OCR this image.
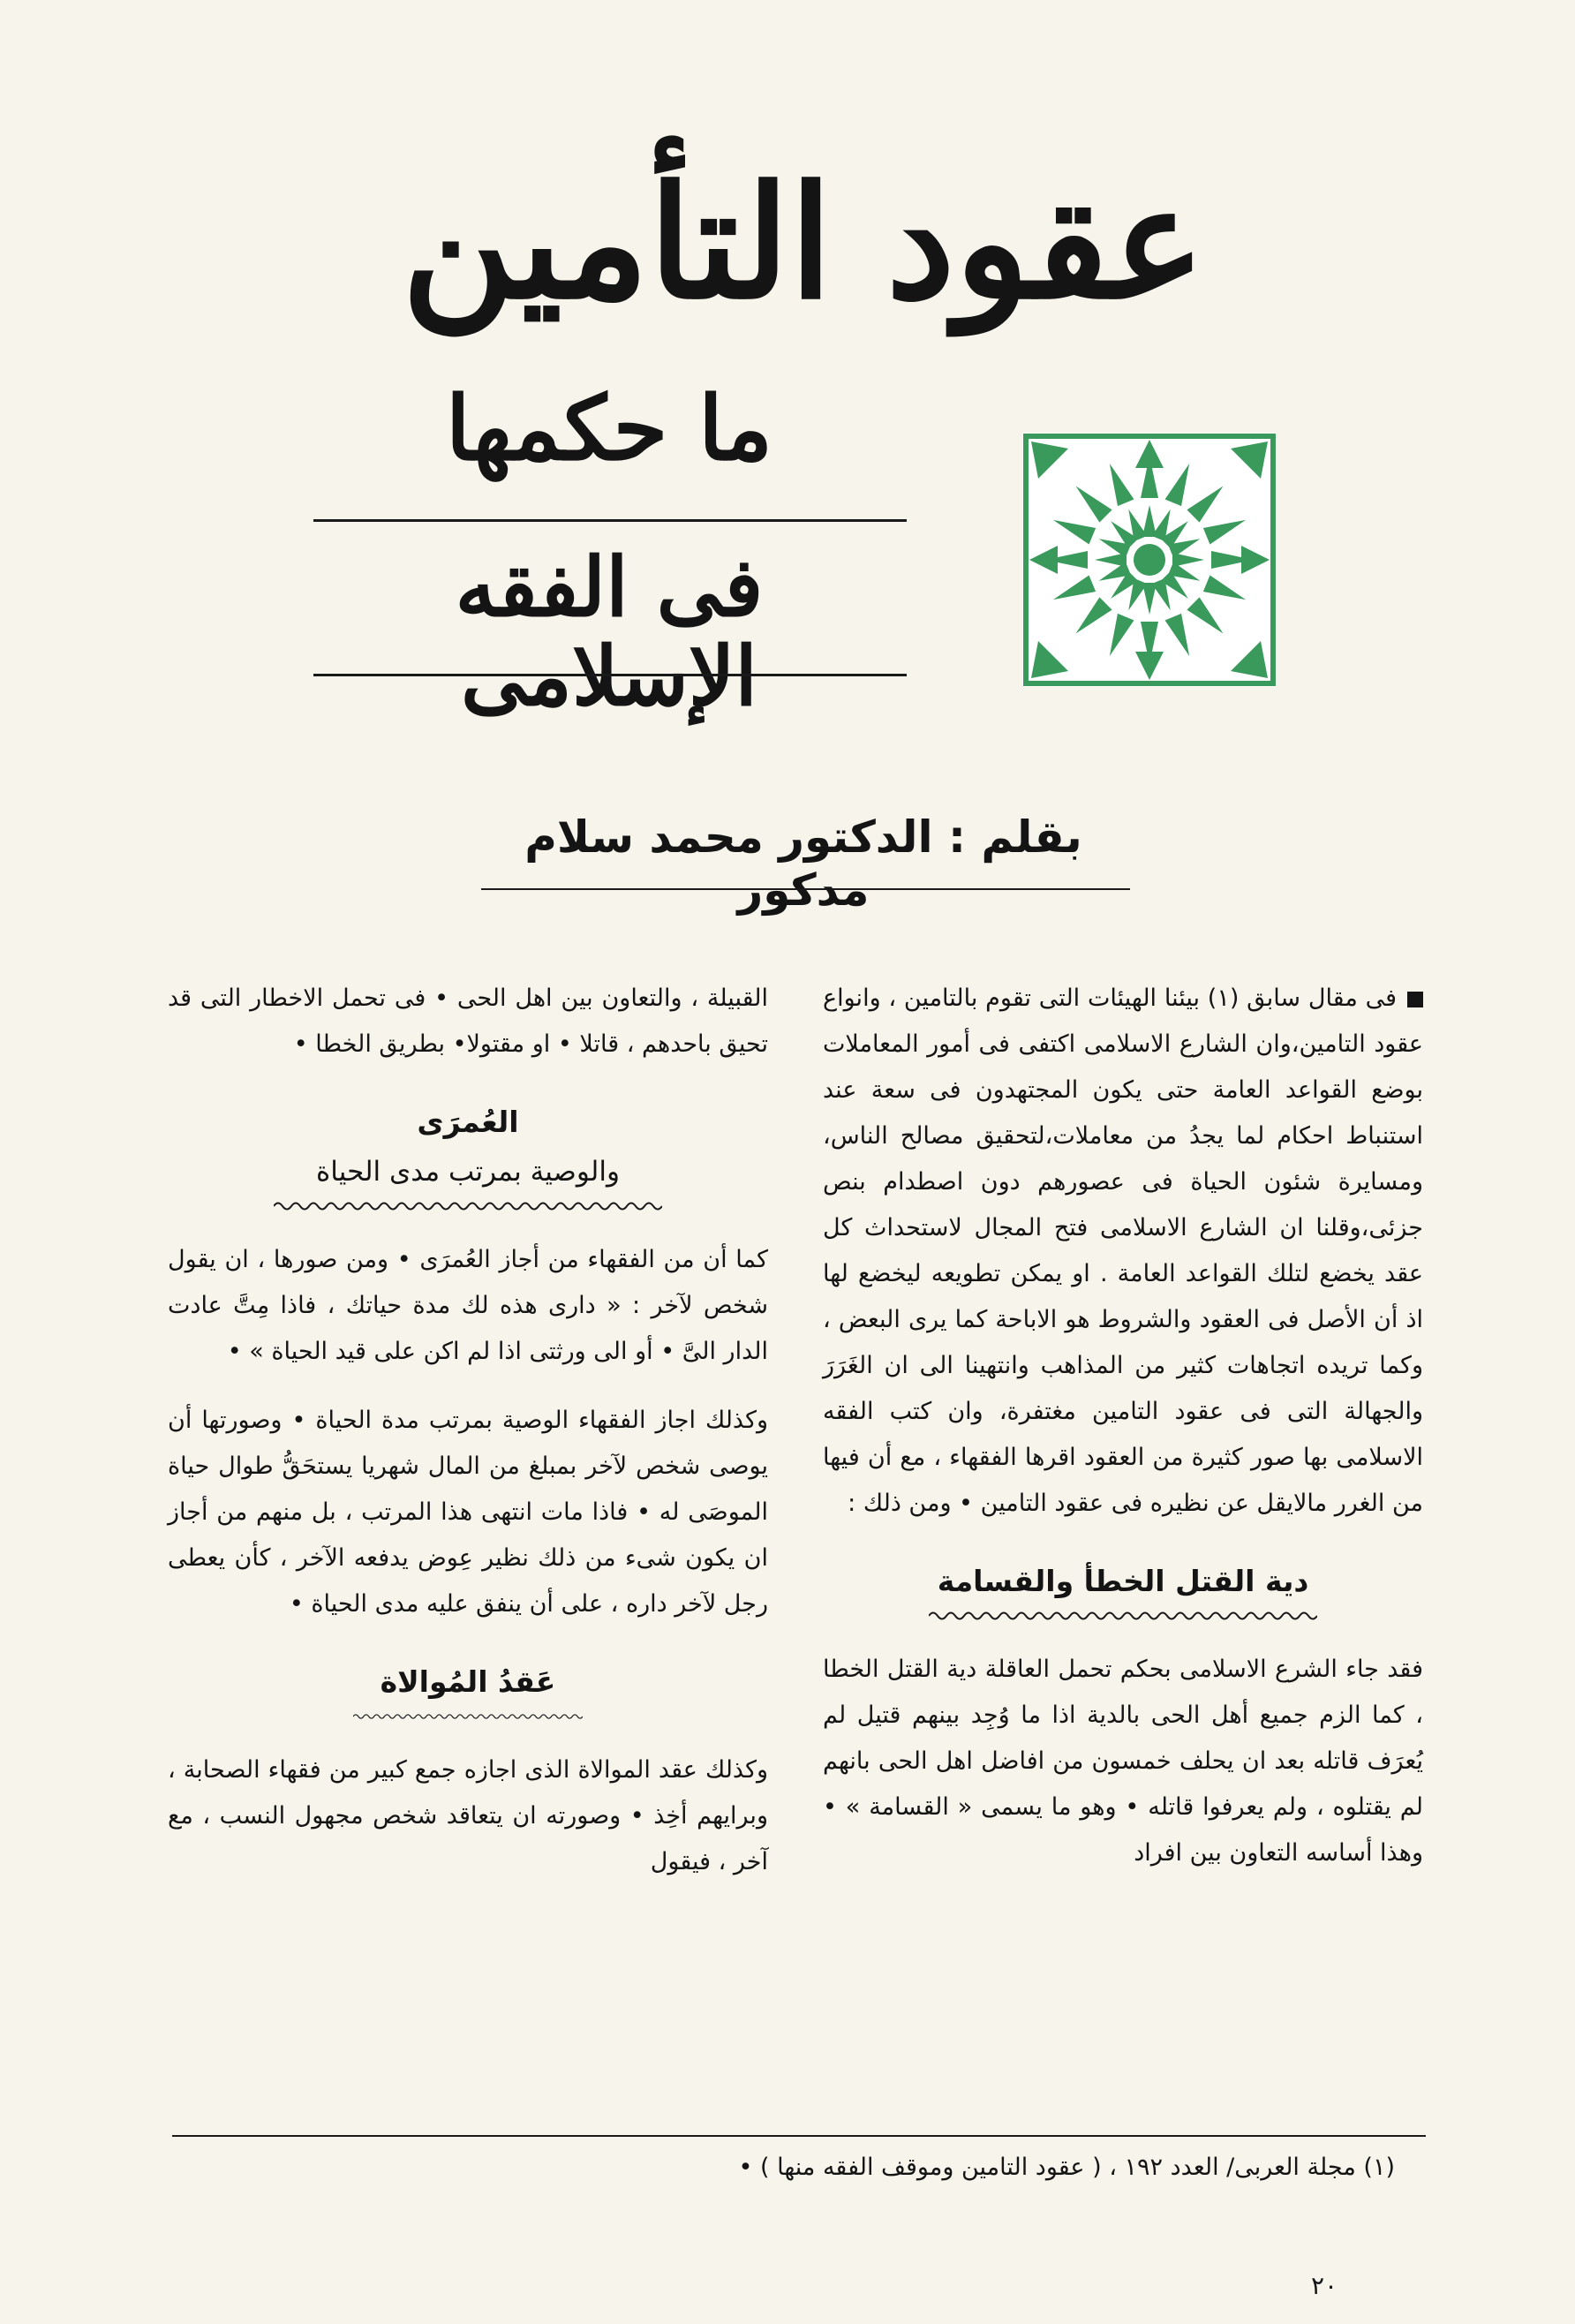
عقود التأمين
ما حكمها
فى الفقه الإسلامى
بقلم : الدكتور محمد سلام مدكور

فى مقال سابق (١) بيئنا الهيئات التى تقوم بالتامين ، وانواع عقود التامين،وان الشارع الاسلامى اكتفى فى أمور المعاملات بوضع القواعد العامة حتى يكون المجتهدون فى سعة عند استنباط احكام لما يجدُ من معاملات،لتحقيق مصالح الناس، ومسايرة شئون الحياة فى عصورهم دون اصطدام بنص جزئى،وقلنا ان الشارع الاسلامى فتح المجال لاستحداث كل عقد يخضع لتلك القواعد العامة . او يمكن تطويعه ليخضع لها اذ أن الأصل فى العقود والشروط هو الاباحة كما يرى البعض ، وكما تريده اتجاهات كثير من المذاهب وانتهينا الى ان الغَرَرَ والجهالة التى فى عقود التامين مغتفرة، وان كتب الفقه الاسلامى بها صور كثيرة من العقود اقرها الفقهاء ، مع أن فيها من الغرر مالايقل عن نظيره فى عقود التامين • ومن ذلك :

دية القتل الخطأ والقسامة

فقد جاء الشرع الاسلامى بحكم تحمل العاقلة دية القتل الخطا ، كما الزم جميع أهل الحى بالدية اذا ما وُجِد بينهم قتيل لم يُعرَف قاتله بعد ان يحلف خمسون من افاضل اهل الحى بانهم لم يقتلوه ، ولم يعرفوا قاتله • وهو ما يسمى « القسامة » • وهذا أساسه التعاون بين افراد

القبيلة ، والتعاون بين اهل الحى • فى تحمل الاخطار التى قد تحيق باحدهم ، قاتلا • او مقتولا• بطريق الخطا •

العُمرَى
والوصية بمرتب مدى الحياة

كما أن من الفقهاء من أجاز العُمرَى • ومن صورها ، ان يقول شخص لآخر : « دارى هذه لك مدة حياتك ، فاذا مِتَّ عادت الدار الىَّ • أو الى ورثتى اذا لم اكن على قيد الحياة » •

وكذلك اجاز الفقهاء الوصية بمرتب مدة الحياة • وصورتها أن يوصى شخص لآخر بمبلغ من المال شهريا يستحَقُّ طوال حياة الموصَى له • فاذا مات انتهى هذا المرتب ، بل منهم من أجاز ان يكون شىء من ذلك نظير عِوض يدفعه الآخر ، كأن يعطى رجل لآخر داره ، على أن ينفق عليه مدى الحياة •

عَقدُ المُوالاة

وكذلك عقد الموالاة الذى اجازه جمع كبير من فقهاء الصحابة ، وبرايهم أخِذ • وصورته ان يتعاقد شخص مجهول النسب ، مع آخر ، فيقول

(١) مجلة العربى/ العدد ١٩٢ ، ( عقود التامين وموقف الفقه منها ) •
٢٠
